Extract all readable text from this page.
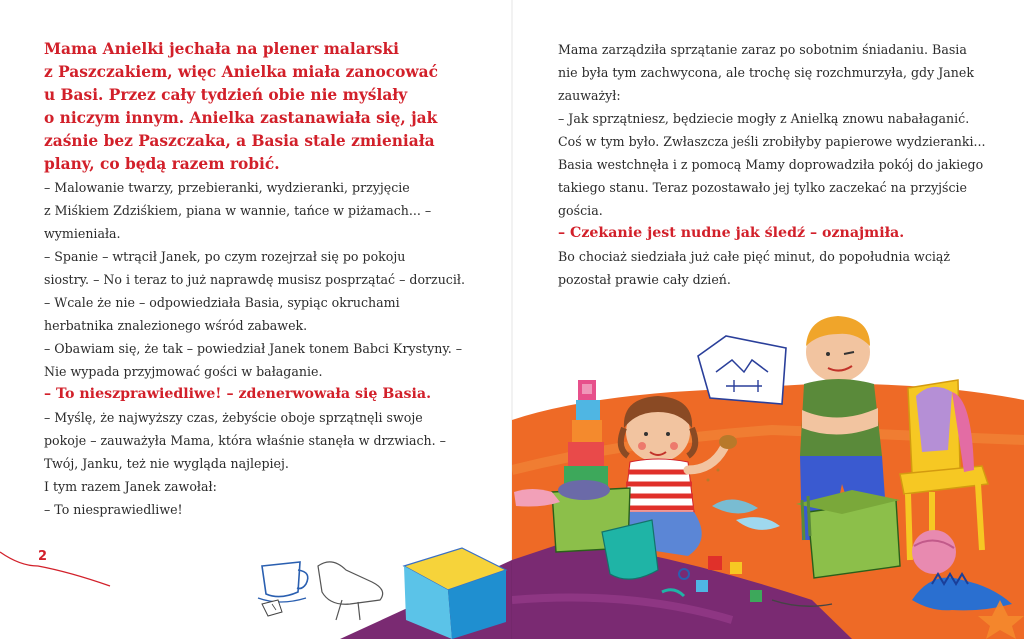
Mama Anielki jechała na plener malarski

z Paszczakiem, więc Anielka miała zanocować

u Basi. Przez cały tydzień obie nie myślały

o niczym innym. Anielka zastanawiała się, jak

zaśnie bez Paszczaka, a Basia stale zmieniała

plany, co będą razem robić.

– Malowanie twarzy, przebieranki, wydzieranki, przyjęcie

z Miśkiem Zdziśkiem, piana w wannie, tańce w piżamach... –

wymieniała.

– Spanie – wtrącił Janek, po czym rozejrzał się po pokoju

siostry. – No i teraz to już naprawdę musisz posprzątać – dorzucił.

– Wcale że nie – odpowiedziała Basia, sypiąc okruchami

herbatnika znalezionego wśród zabawek.

– Obawiam się, że tak – powiedział Janek tonem Babci Krystyny. –

Nie wypada przyjmować gości w bałaganie.

– To nieszprawiedliwe! – zdenerwowała się Basia.

– Myślę, że najwyższy czas, żebyście oboje sprzątnęli swoje

pokoje – zauważyła Mama, która właśnie stanęła w drzwiach. –

Twój, Janku, też nie wygląda najlepiej.

I tym razem Janek zawołał:

– To niesprawiedliwe!

2

Mama zarządziła sprzątanie zaraz po sobotnim śniadaniu. Basia

nie była tym zachwycona, ale trochę się rozchmurzyła, gdy Janek

zauważył:

– Jak sprzątniesz, będziecie mogły z Anielką znowu nabałaganić.

Coś w tym było. Zwłaszcza jeśli zrobiłyby papierowe wydzieranki...

Basia westchnęła i z pomocą Mamy doprowadziła pokój do jakiego

takiego stanu. Teraz pozostawało jej tylko zaczekać na przyjście

gościa.

– Czekanie jest nudne jak śledź – oznajmiła.

Bo chociaż siedziała już całe pięć minut, do popołudnia wciąż

pozostał prawie cały dzień.
